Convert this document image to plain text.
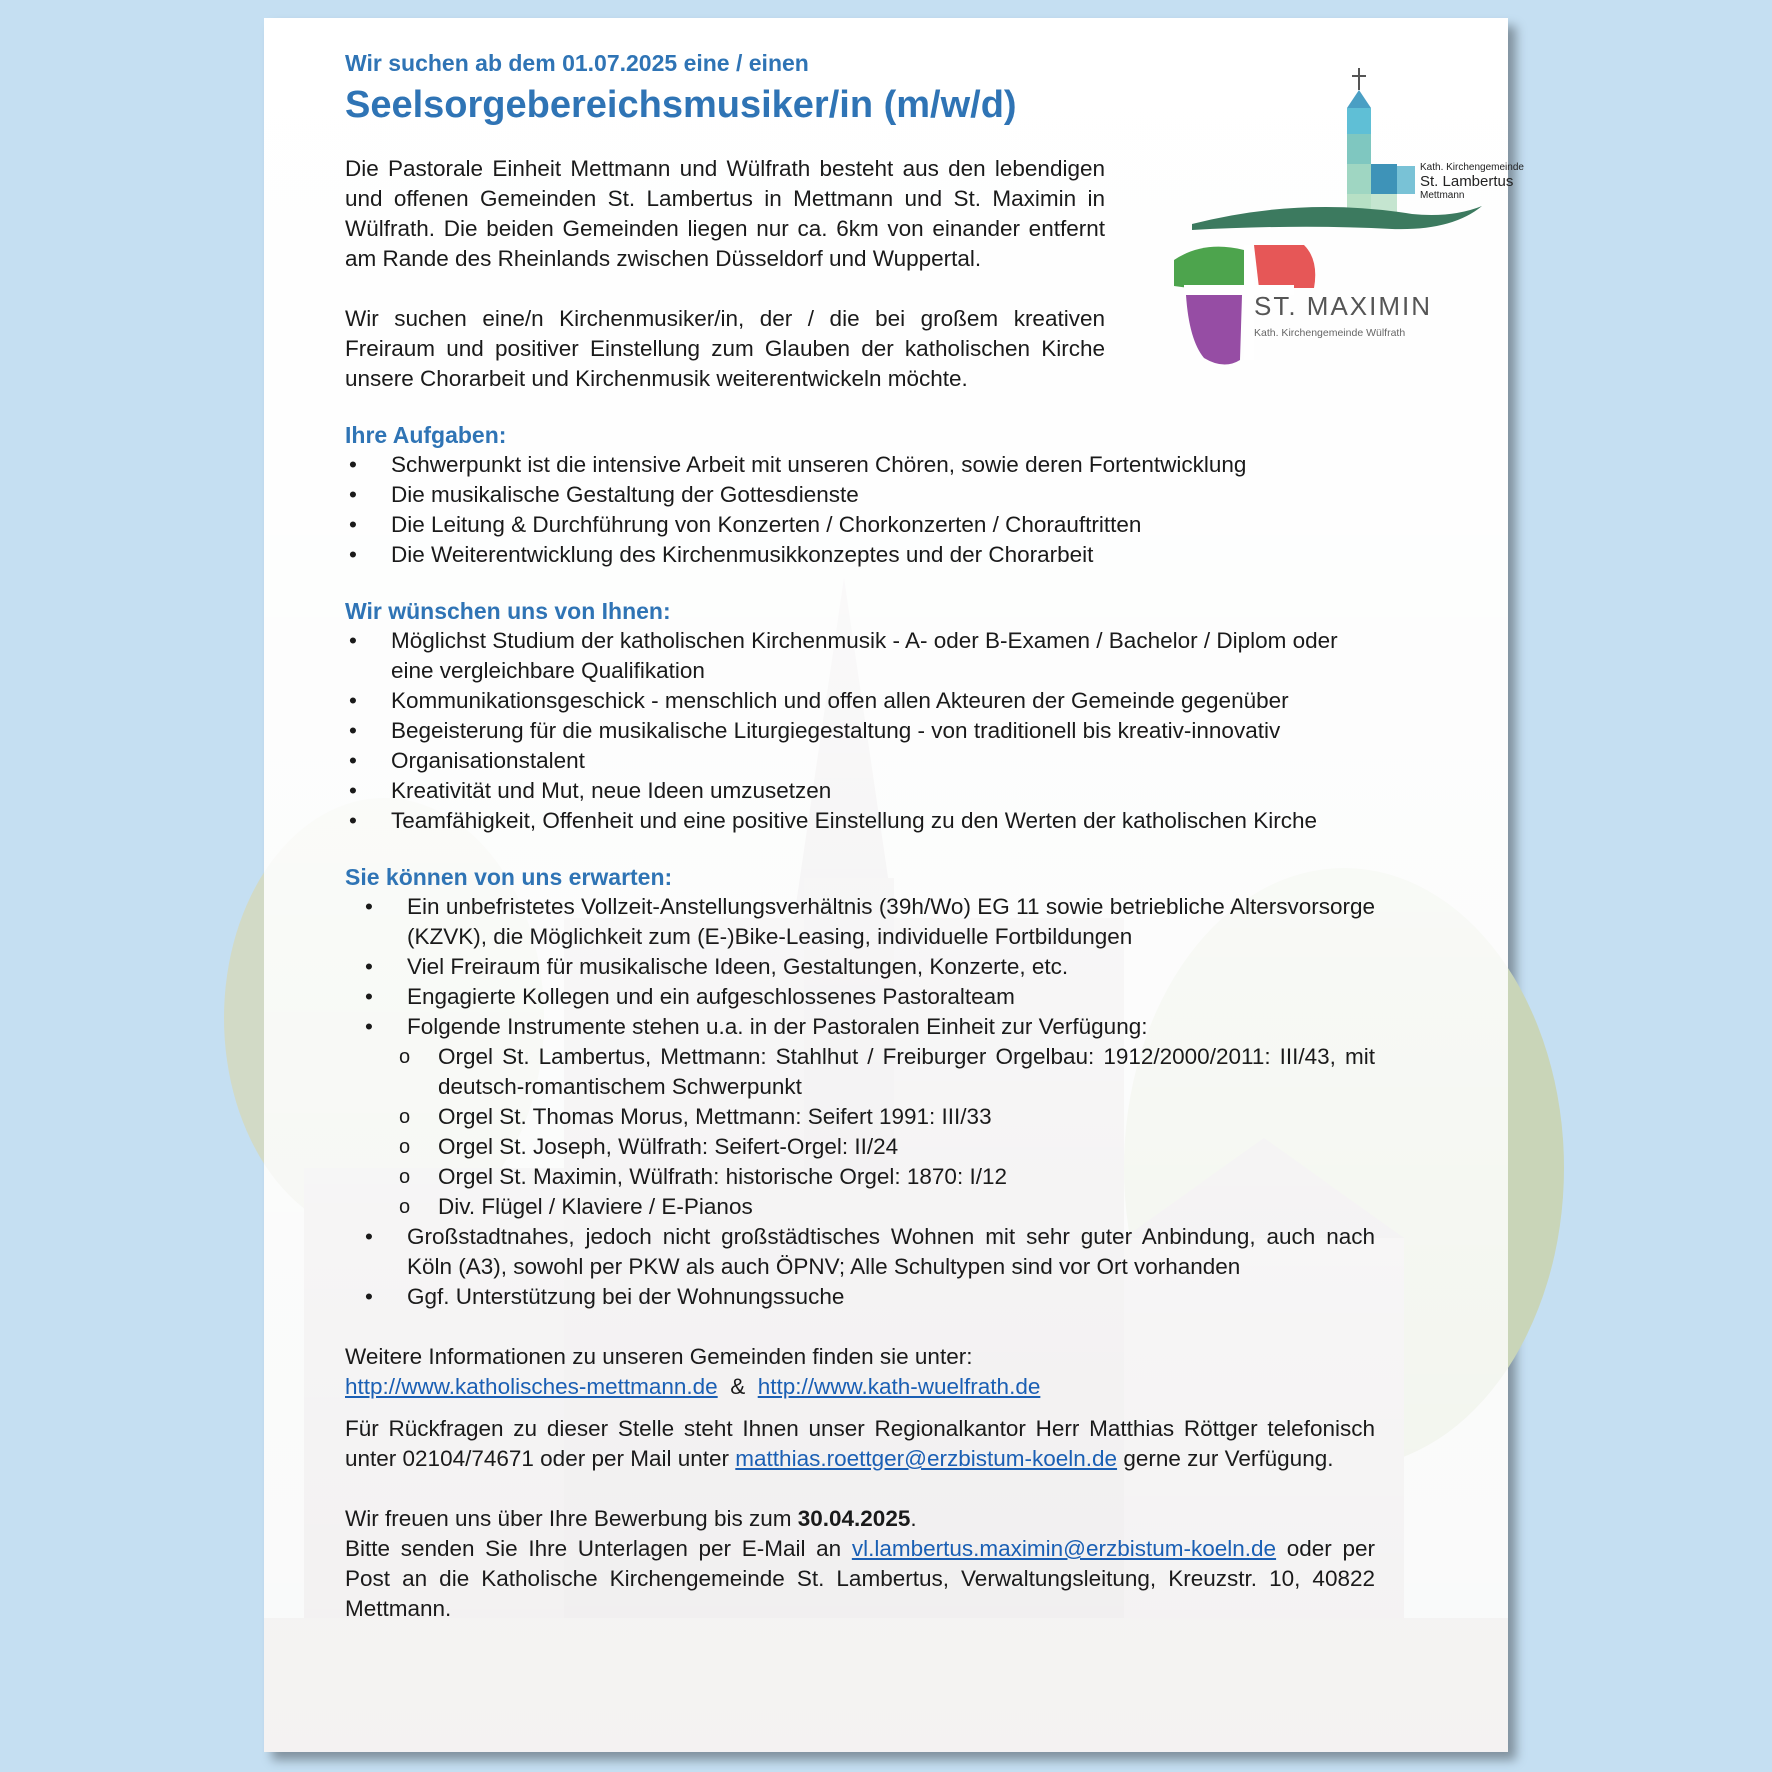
Kath. Kirchengemeinde
St. Lambertus
Mettmann
ST. MAXIMIN
Kath. Kirchengemeinde Wülfrath

Wir suchen ab dem 01.07.2025 eine / einen

Seelsorgebereichsmusiker/in (m/w/d)

Die Pastorale Einheit Mettmann und Wülfrath besteht aus den lebendigen und offenen Gemeinden St. Lambertus in Mettmann und St. Maximin in Wülfrath. Die beiden Gemeinden liegen nur ca. 6km von einander entfernt am Rande des Rheinlands zwischen Düsseldorf und Wuppertal.

Wir suchen eine/n Kirchenmusiker/in, der / die bei großem kreativen Freiraum und positiver Einstellung zum Glauben der katholischen Kirche unsere Chorarbeit und Kirchenmusik weiterentwickeln möchte.

Ihre Aufgaben:
• Schwerpunkt ist die intensive Arbeit mit unseren Chören, sowie deren Fortentwicklung
• Die musikalische Gestaltung der Gottesdienste
• Die Leitung & Durchführung von Konzerten / Chorkonzerten / Chorauftritten
• Die Weiterentwicklung des Kirchenmusikkonzeptes und der Chorarbeit
Wir wünschen uns von Ihnen:
• Möglichst Studium der katholischen Kirchenmusik - A- oder B-Examen / Bachelor / Diplom oder eine vergleichbare Qualifikation
• Kommunikationsgeschick - menschlich und offen allen Akteuren der Gemeinde gegenüber
• Begeisterung für die musikalische Liturgiegestaltung - von traditionell bis kreativ-innovativ
• Organisationstalent
• Kreativität und Mut, neue Ideen umzusetzen
• Teamfähigkeit, Offenheit und eine positive Einstellung zu den Werten der katholischen Kirche
Sie können von uns erwarten:
• Ein unbefristetes Vollzeit-Anstellungsverhältnis (39h/Wo) EG 11 sowie betriebliche Altersvorsorge (KZVK), die Möglichkeit zum (E-)Bike-Leasing, individuelle Fortbildungen
• Viel Freiraum für musikalische Ideen, Gestaltungen, Konzerte, etc.
• Engagierte Kollegen und ein aufgeschlossenes Pastoralteam
• Folgende Instrumente stehen u.a. in der Pastoralen Einheit zur Verfügung:
o Orgel St. Lambertus, Mettmann: Stahlhut / Freiburger Orgelbau: 1912/2000/2011: III/43, mit deutsch-romantischem Schwerpunkt
o Orgel St. Thomas Morus, Mettmann: Seifert 1991: III/33
o Orgel St. Joseph, Wülfrath: Seifert-Orgel: II/24
o Orgel St. Maximin, Wülfrath: historische Orgel: 1870: I/12
o Div. Flügel / Klaviere / E-Pianos
• Großstadtnahes, jedoch nicht großstädtisches Wohnen mit sehr guter Anbindung, auch nach Köln (A3), sowohl per PKW als auch ÖPNV; Alle Schultypen sind vor Ort vorhanden
• Ggf. Unterstützung bei der Wohnungssuche

Weitere Informationen zu unseren Gemeinden finden sie unter:

http://www.katholisches-mettmann.de & http://www.kath-wuelfrath.de

Für Rückfragen zu dieser Stelle steht Ihnen unser Regionalkantor Herr Matthias Röttger telefonisch unter 02104/74671 oder per Mail unter matthias.roettger@erzbistum-koeln.de gerne zur Verfügung.

Wir freuen uns über Ihre Bewerbung bis zum 30.04.2025.
Bitte senden Sie Ihre Unterlagen per E-Mail an vl.lambertus.maximin@erzbistum-koeln.de oder per Post an die Katholische Kirchengemeinde St. Lambertus, Verwaltungsleitung, Kreuzstr. 10, 40822 Mettmann.
